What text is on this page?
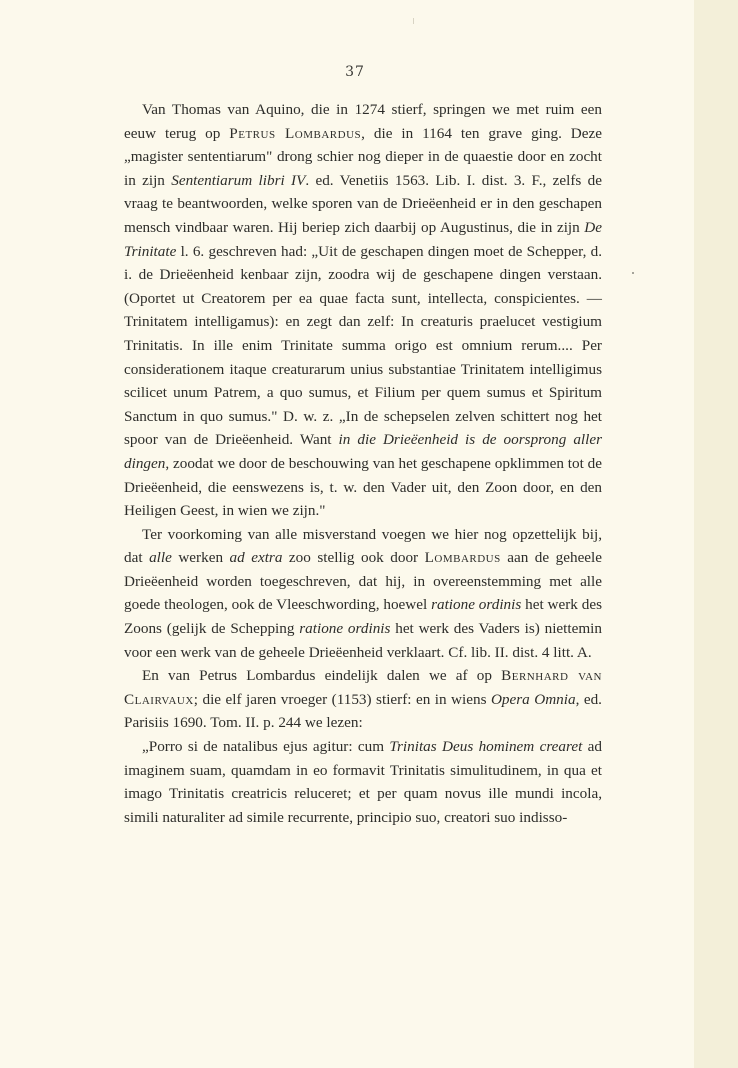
37

Van Thomas van Aquino, die in 1274 stierf, springen we met ruim een eeuw terug op Petrus Lombardus, die in 1164 ten grave ging. Deze „magister sententiarum" drong schier nog dieper in de quaestie door en zocht in zijn Sententiarum libri IV. ed. Venetiis 1563. Lib. I. dist. 3. F., zelfs de vraag te beantwoorden, welke sporen van de Drieëenheid er in den geschapen mensch vindbaar waren. Hij beriep zich daarbij op Augustinus, die in zijn De Trinitate l. 6. geschreven had: „Uit de geschapen dingen moet de Schepper, d. i. de Drieëenheid kenbaar zijn, zoodra wij de geschapene dingen verstaan. (Oportet ut Creatorem per ea quae facta sunt, intellecta, conspicientes. — Trinitatem intelligamus): en zegt dan zelf: In creaturis praelucet vestigium Trinitatis. In ille enim Trinitate summa origo est omnium rerum.... Per considerationem itaque creaturarum unius substantiae Trinitatem intelligimus scilicet unum Patrem, a quo sumus, et Filium per quem sumus et Spiritum Sanctum in quo sumus." D. w. z. „In de schepselen zelven schittert nog het spoor van de Drieëenheid. Want in die Drieëenheid is de oorsprong aller dingen, zoodat we door de beschouwing van het geschapene opklimmen tot de Drieëenheid, die eenswezens is, t. w. den Vader uit, den Zoon door, en den Heiligen Geest, in wien we zijn."

Ter voorkoming van alle misverstand voegen we hier nog opzettelijk bij, dat alle werken ad extra zoo stellig ook door Lombardus aan de geheele Drieëenheid worden toegeschreven, dat hij, in overeenstemming met alle goede theologen, ook de Vleeschwording, hoewel ratione ordinis het werk des Zoons (gelijk de Schepping ratione ordinis het werk des Vaders is) niettemin voor een werk van de geheele Drieëenheid verklaart. Cf. lib. II. dist. 4 litt. A.

En van Petrus Lombardus eindelijk dalen we af op Bernhard van Clairvaux; die elf jaren vroeger (1153) stierf: en in wiens Opera Omnia, ed. Parisiis 1690. Tom. II. p. 244 we lezen:

„Porro si de natalibus ejus agitur: cum Trinitas Deus hominem crearet ad imaginem suam, quamdam in eo formavit Trinitatis simulitudinem, in qua et imago Trinitatis creatricis reluceret; et per quam novus ille mundi incola, simili naturaliter ad simile recurrente, principio suo, creatori suo indisso-
